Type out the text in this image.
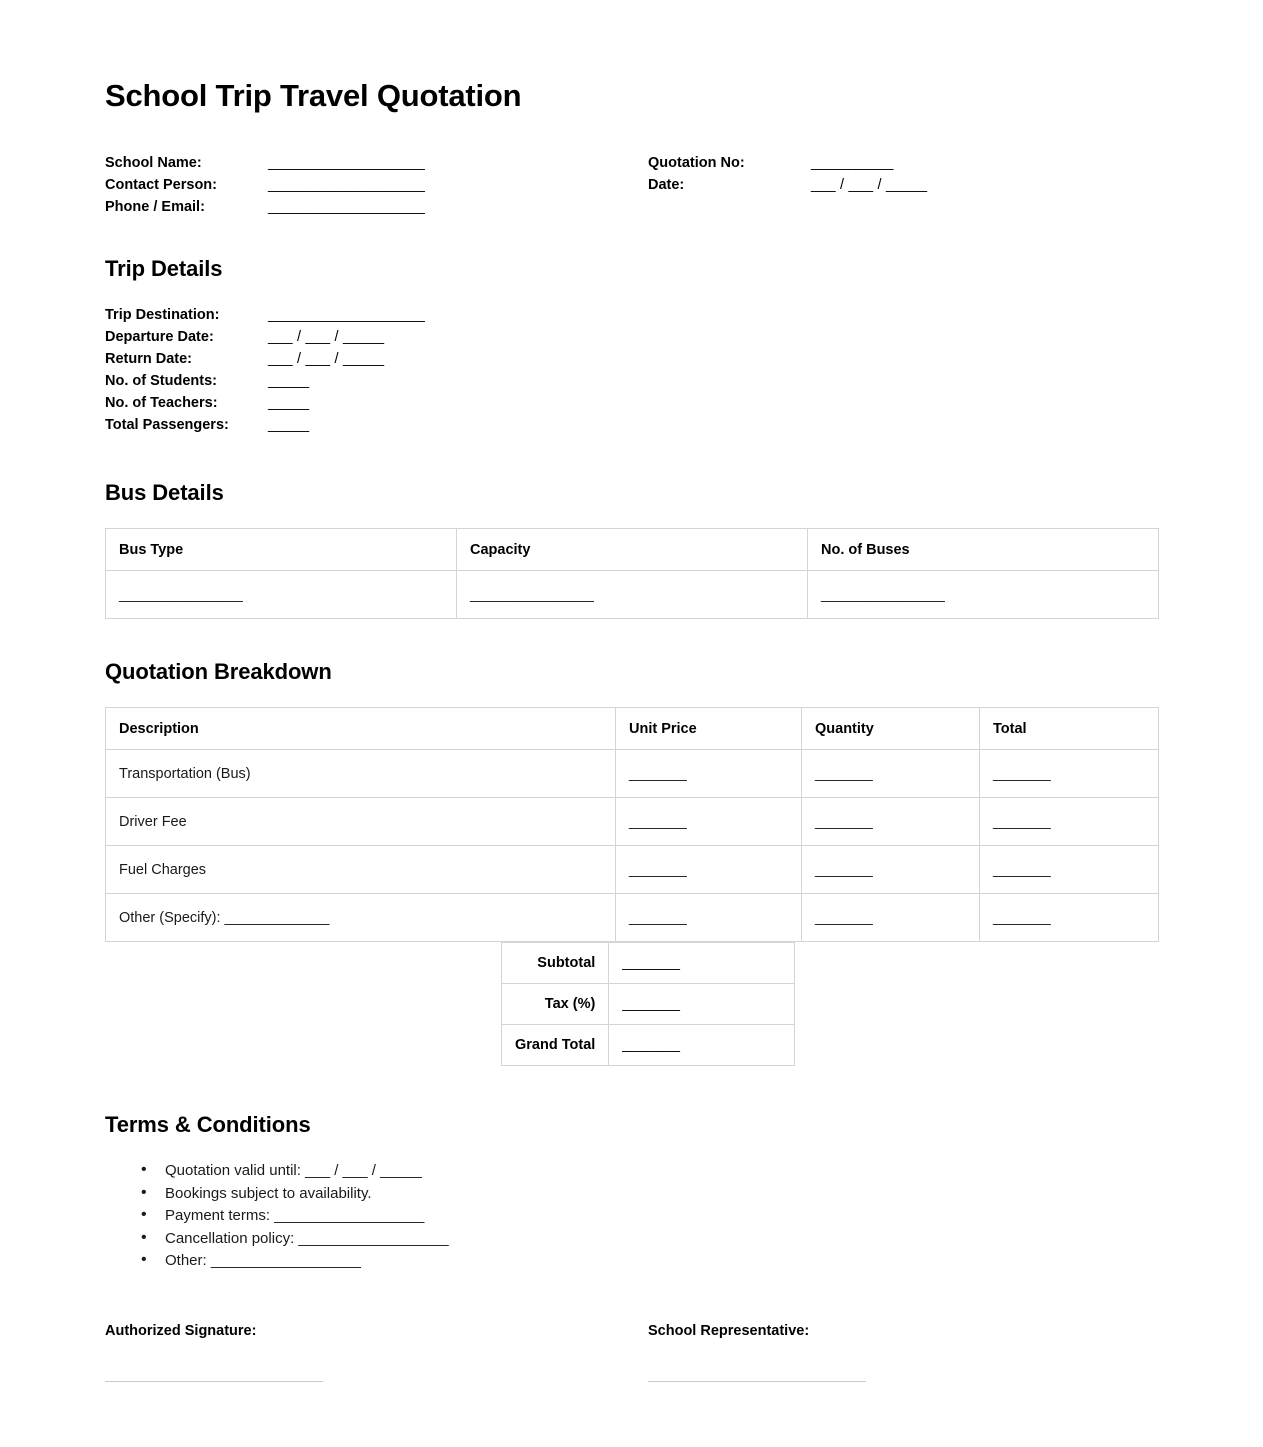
School Trip Travel Quotation
School Name:	___________________
Contact Person:	___________________
Phone / Email:	___________________
Quotation No:	__________
Date:	___ / ___ / _____
Trip Details
Trip Destination:	___________________
Departure Date:	___ / ___ / _____
Return Date:	___ / ___ / _____
No. of Students:	_____
No. of Teachers:	_____
Total Passengers:	_____
Bus Details
Bus Type	Capacity	No. of Buses
_______________	_______________	_______________
Quotation Breakdown
Description	Unit Price	Quantity	Total
Transportation (Bus)	_______	_______	_______
Driver Fee	_______	_______	_______
Fuel Charges	_______	_______	_______
Other (Specify): _____________	_______	_______	_______
Subtotal	_______
Tax (%)	_______
Grand Total	_______
Terms & Conditions
• Quotation valid until: ___ / ___ / _____
• Bookings subject to availability.
• Payment terms: __________________
• Cancellation policy: __________________
• Other: __________________
Authorized Signature:	School Representative:
